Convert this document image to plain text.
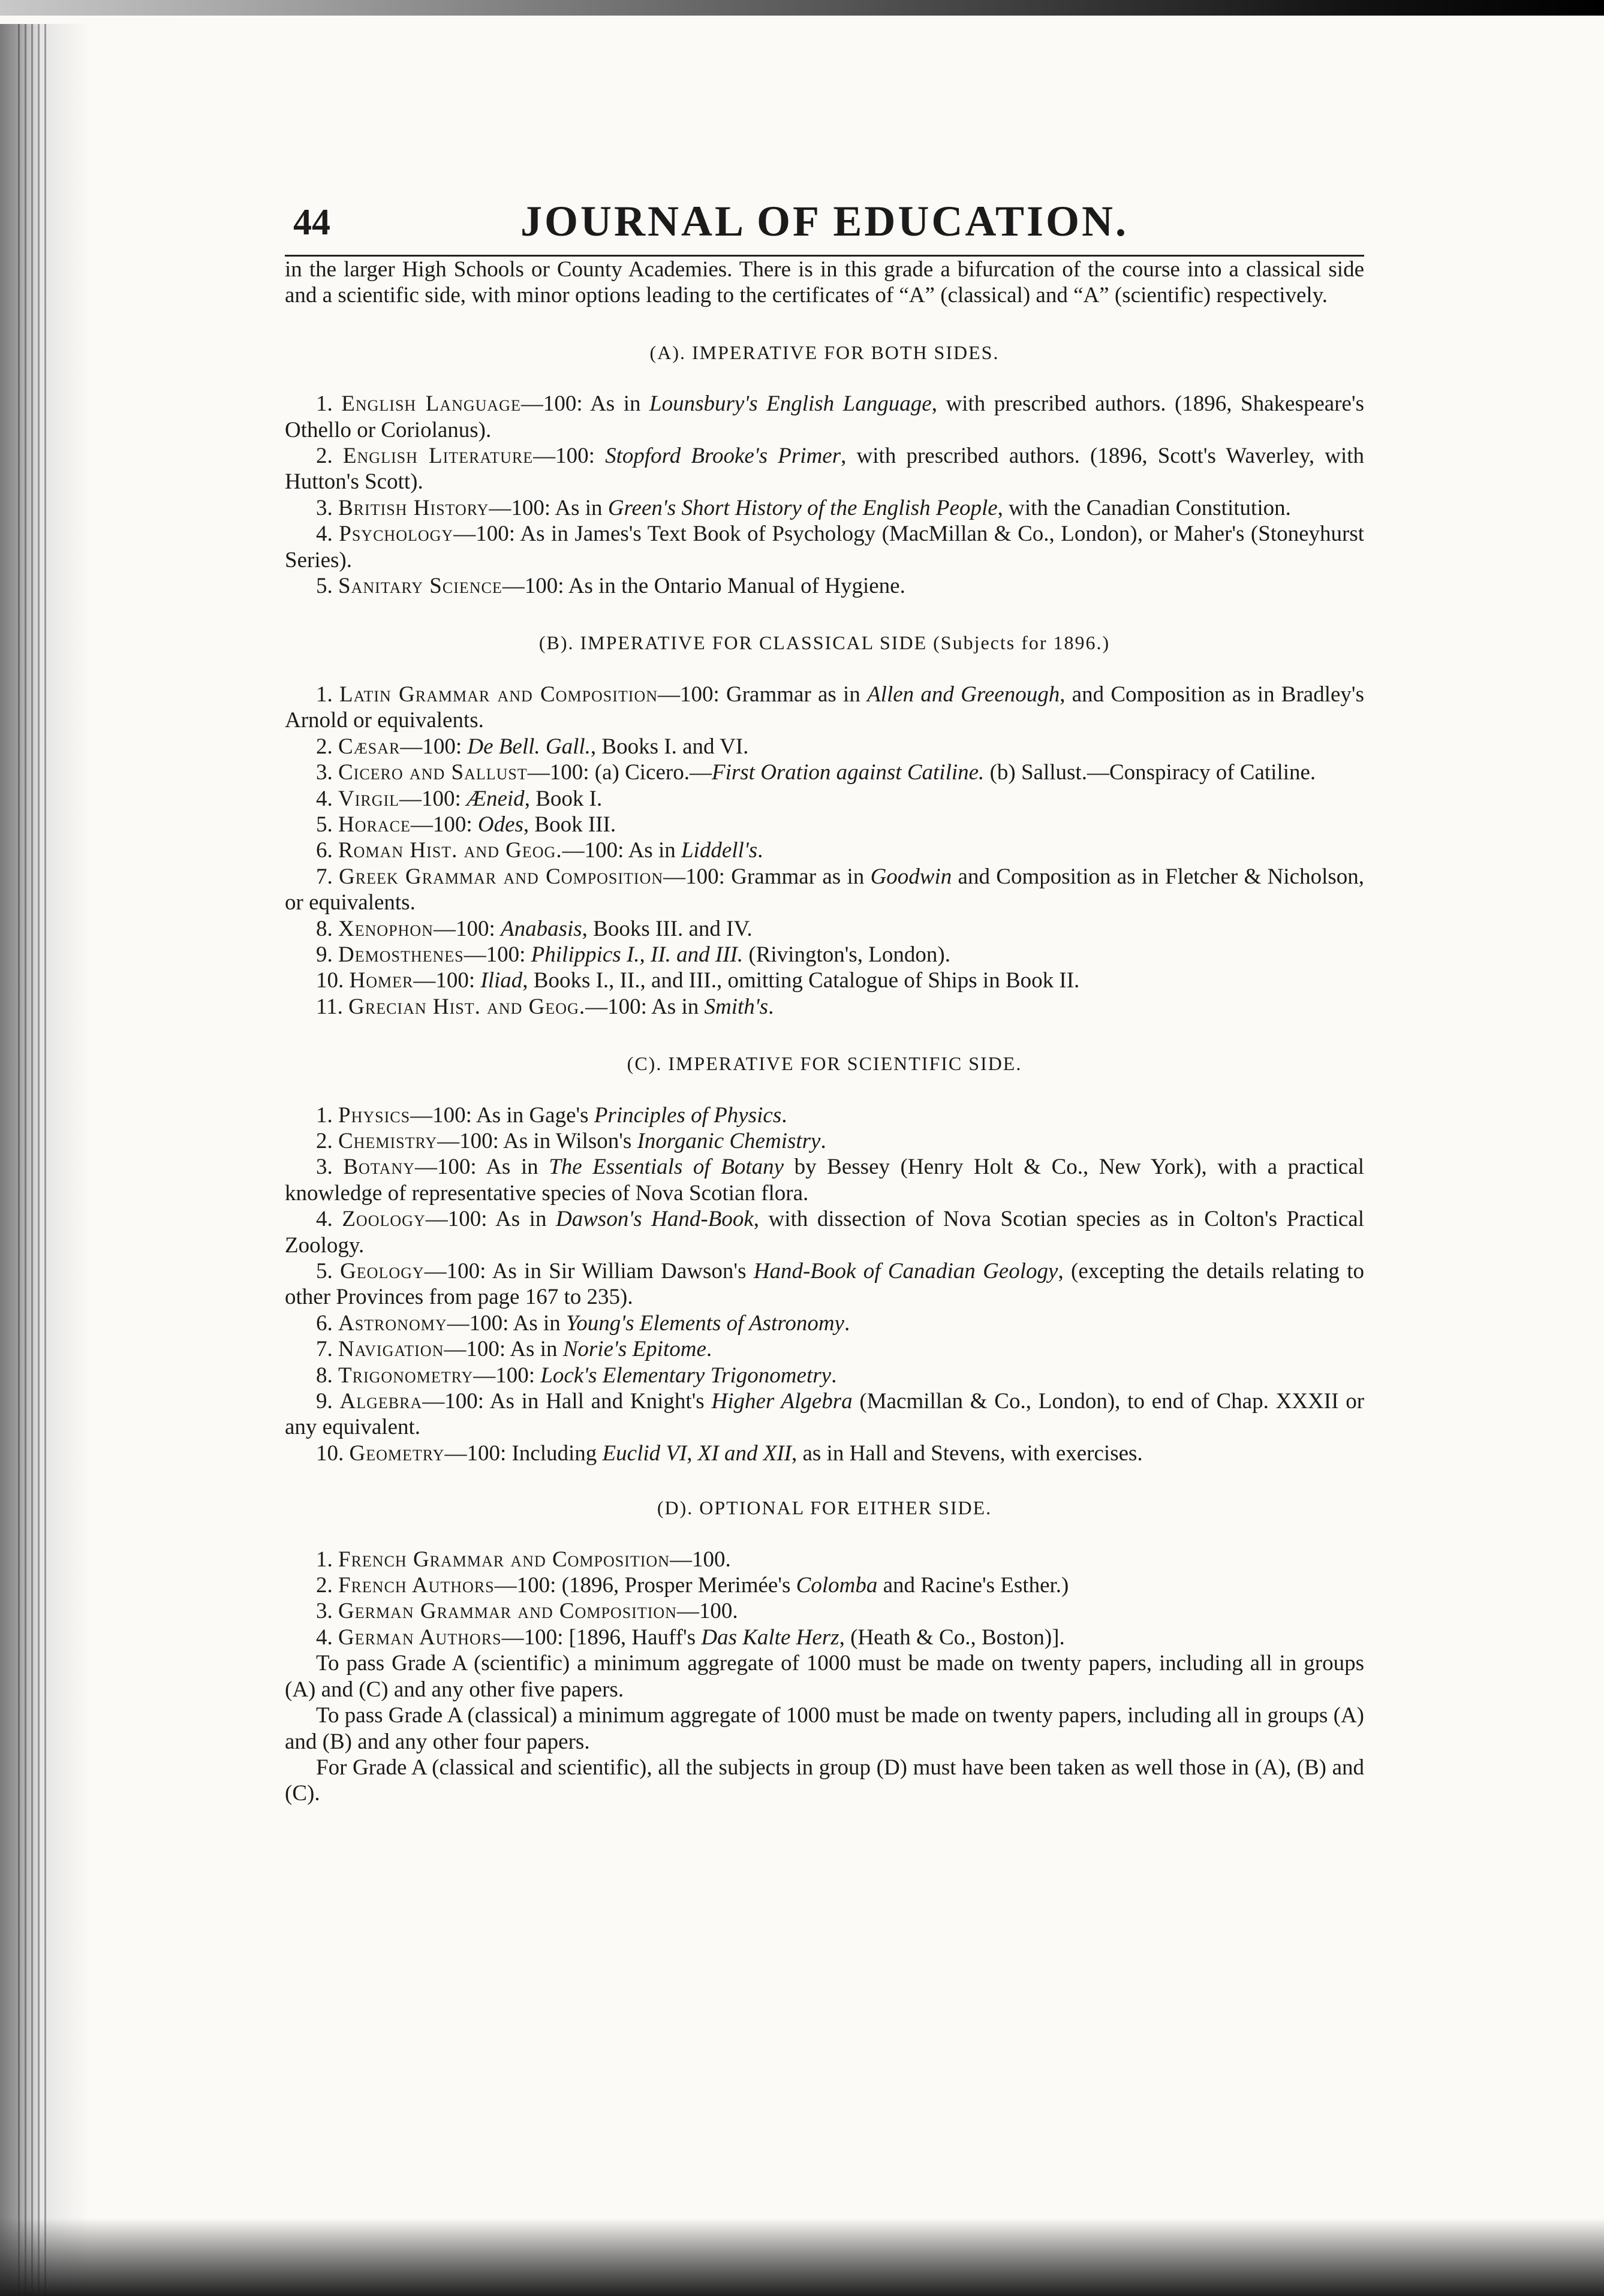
44	JOURNAL OF EDUCATION.

in the larger High Schools or County Academies. There is in this grade a bifurcation of the course into a classical side and a scientific side, with minor options leading to the certificates of “A” (classical) and “A” (scientific) respectively.

(A). IMPERATIVE FOR BOTH SIDES.

1. English Language—100: As in Lounsbury's English Language, with prescribed authors. (1896, Shakespeare's Othello or Coriolanus).

2. English Literature—100: Stopford Brooke's Primer, with prescribed authors. (1896, Scott's Waverley, with Hutton's Scott).

3. British History—100: As in Green's Short History of the English People, with the Canadian Constitution.

4. Psychology—100: As in James's Text Book of Psychology (MacMillan & Co., London), or Maher's (Stoneyhurst Series).

5. Sanitary Science—100: As in the Ontario Manual of Hygiene.

(B). IMPERATIVE FOR CLASSICAL SIDE (Subjects for 1896.)

1. Latin Grammar and Composition—100: Grammar as in Allen and Greenough, and Composition as in Bradley's Arnold or equivalents.

2. Cæsar—100: De Bell. Gall., Books I. and VI.

3. Cicero and Sallust—100: (a) Cicero.—First Oration against Catiline. (b) Sallust.—Conspiracy of Catiline.

4. Virgil—100: Æneid, Book I.

5. Horace—100: Odes, Book III.

6. Roman Hist. and Geog.—100: As in Liddell's.

7. Greek Grammar and Composition—100: Grammar as in Goodwin and Composition as in Fletcher & Nicholson, or equivalents.

8. Xenophon—100: Anabasis, Books III. and IV.

9. Demosthenes—100: Philippics I., II. and III. (Rivington's, London).

10. Homer—100: Iliad, Books I., II., and III., omitting Catalogue of Ships in Book II.

11. Grecian Hist. and Geog.—100: As in Smith's.

(C). IMPERATIVE FOR SCIENTIFIC SIDE.

1. Physics—100: As in Gage's Principles of Physics.

2. Chemistry—100: As in Wilson's Inorganic Chemistry.

3. Botany—100: As in The Essentials of Botany by Bessey (Henry Holt & Co., New York), with a practical knowledge of representative species of Nova Scotian flora.

4. Zoology—100: As in Dawson's Hand-Book, with dissection of Nova Scotian species as in Colton's Practical Zoology.

5. Geology—100: As in Sir William Dawson's Hand-Book of Canadian Geology, (excepting the details relating to other Provinces from page 167 to 235).

6. Astronomy—100: As in Young's Elements of Astronomy.

7. Navigation—100: As in Norie's Epitome.

8. Trigonometry—100: Lock's Elementary Trigonometry.

9. Algebra—100: As in Hall and Knight's Higher Algebra (Macmillan & Co., London), to end of Chap. XXXII or any equivalent.

10. Geometry—100: Including Euclid VI, XI and XII, as in Hall and Stevens, with exercises.

(D). OPTIONAL FOR EITHER SIDE.

1. French Grammar and Composition—100.

2. French Authors—100: (1896, Prosper Merimée's Colomba and Racine's Esther.)

3. German Grammar and Composition—100.

4. German Authors—100: [1896, Hauff's Das Kalte Herz, (Heath & Co., Boston)].

To pass Grade A (scientific) a minimum aggregate of 1000 must be made on twenty papers, including all in groups (A) and (C) and any other five papers.

To pass Grade A (classical) a minimum aggregate of 1000 must be made on twenty papers, including all in groups (A) and (B) and any other four papers.

For Grade A (classical and scientific), all the subjects in group (D) must have been taken as well those in (A), (B) and (C).
